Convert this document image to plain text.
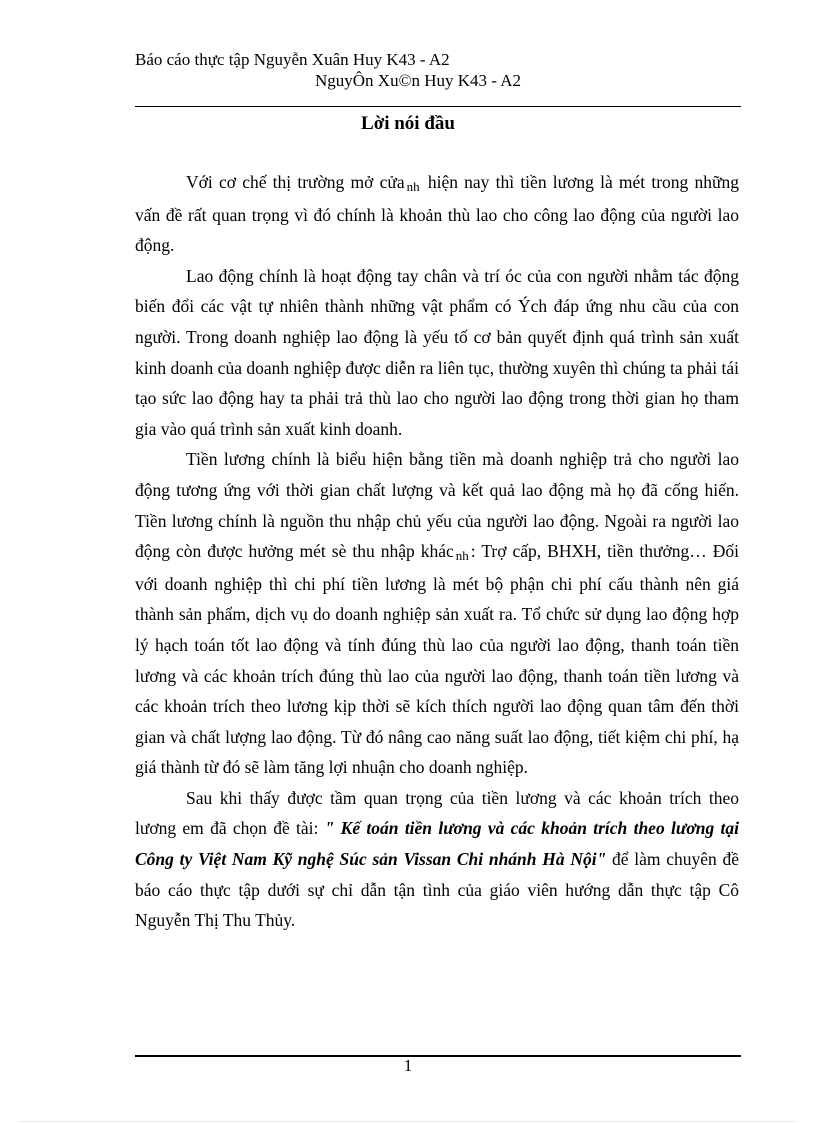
Báo cáo thực tập Nguyễn Xuân Huy K43 - A2
NguyÔn Xu©n Huy K43 - A2
Lời nói đầu

Với cơ chế thị trường mở cửa nh hiện nay thì tiền lương là mét trong những vấn đề rất quan trọng vì đó chính là khoản thù lao cho công lao động của người lao động.

Lao động chính là hoạt động tay chân và trí óc của con người nhằm tác động biến đổi các vật tự nhiên thành những vật phẩm có Ých đáp ứng nhu cầu của con người. Trong doanh nghiệp lao động là yếu tố cơ bản quyết định quá trình sản xuất kinh doanh của doanh nghiệp được diễn ra liên tục, thường xuyên thì chúng ta phải tái tạo sức lao động hay ta phải trả thù lao cho người lao động trong thời gian họ tham gia vào quá trình sản xuất kinh doanh.

Tiền lương chính là biểu hiện bằng tiền mà doanh nghiệp trả cho người lao động tương ứng với thời gian chất lượng và kết quả lao động mà họ đã cống hiến. Tiền lương chính là nguồn thu nhập chủ yếu của người lao động. Ngoài ra người lao động còn được hưởng mét sè thu nhập khác nh : Trợ cấp, BHXH, tiền thưởng… Đối với doanh nghiệp thì chi phí tiền lương là mét bộ phận chi phí cấu thành nên giá thành sản phẩm, dịch vụ do doanh nghiệp sản xuất ra. Tổ chức sử dụng lao động hợp lý hạch toán tốt lao động và tính đúng thù lao của người lao động, thanh toán tiền lương và các khoản trích đúng thù lao của người lao động, thanh toán tiền lương và các khoản trích theo lương kịp thời sẽ kích thích người lao động quan tâm đến thời gian và chất lượng lao động. Từ đó nâng cao năng suất lao động, tiết kiệm chi phí, hạ giá thành từ đó sẽ làm tăng lợi nhuận cho doanh nghiệp.

Sau khi thấy được tầm quan trọng của tiền lương và các khoản trích theo lương em đã chọn đề tài: " Kế toán tiền lương và các khoản trích theo lương tại Công ty Việt Nam Kỹ nghệ Súc sản Vissan Chi nhánh Hà Nội" để làm chuyên đề báo cáo thực tập dưới sự chỉ dẫn tận tình của giáo viên hướng dẫn thực tập Cô Nguyễn Thị Thu Thủy.

1
